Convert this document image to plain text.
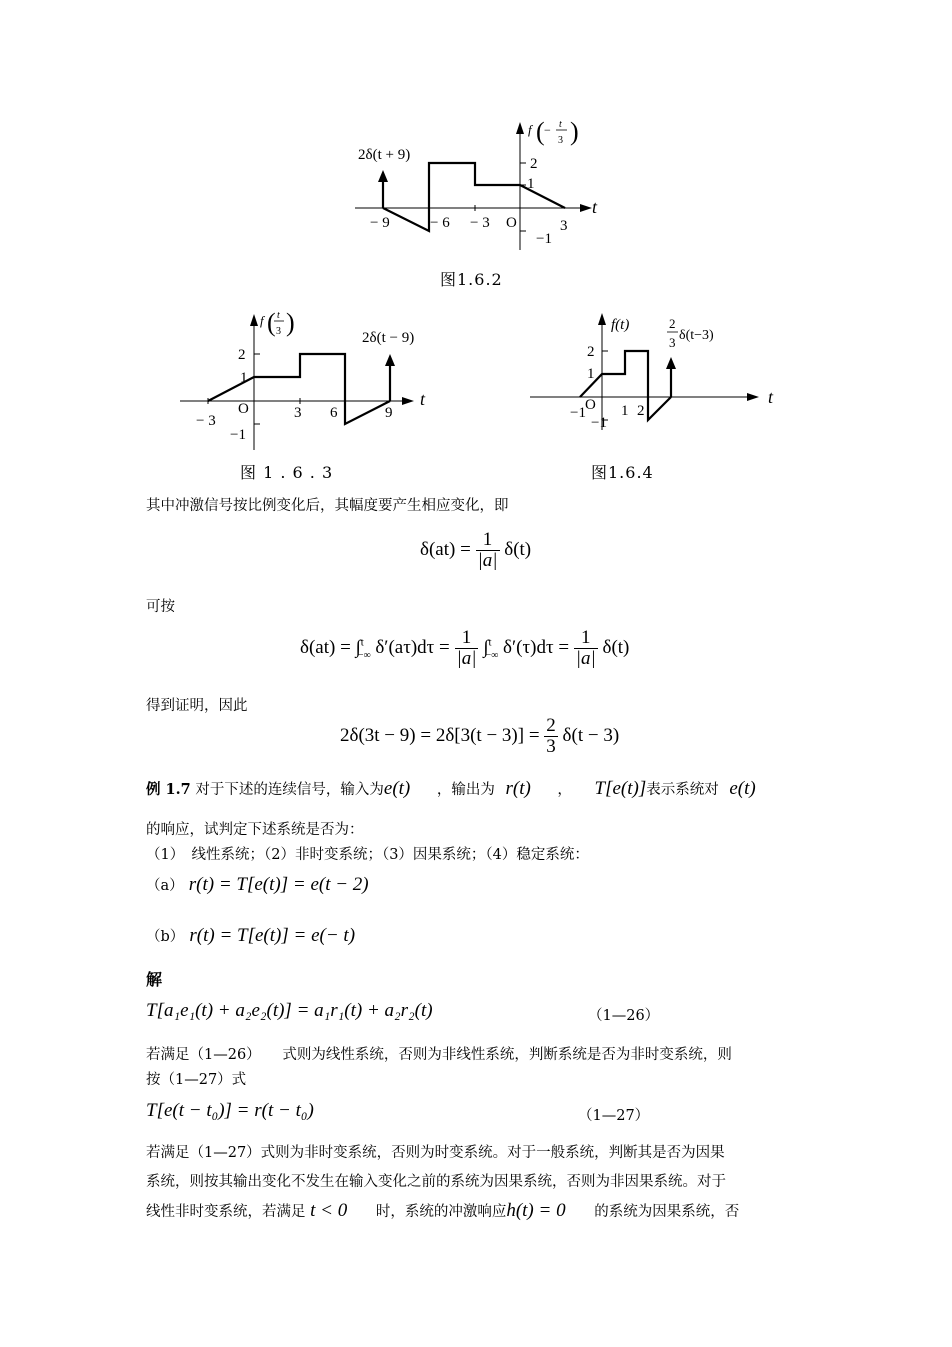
2δ(t + 9)
f ( − t
3 )
2
1
−1
− 9	− 6 − 3 O	3
t
图1.6.2
2δ(t − 9)
f ( t
3 )
2
1
−1
− 3
O	3 6	9
t
图 1 . 6 . 3
f(t)	2
3 δ(t−3)
2
1
−1 O
−1
1 2
t
图1.6.4
其中冲激信号按比例变化后，其幅度要产生相应变化，即
$\delta(at) = \frac{1}{|a|} \delta(t)$
可按
δ(at) = ∫$^t_{-\infty}$ $\delta'(a\tau)d\tau = \frac{1}{|a|} \int^t_{-\infty}$ $\delta'(\tau)d\tau = \frac{1}{|a|} \delta(t)$
得到证明，因此
$2\delta(3t - 9) = 2\delta[3(t - 3)] = \frac{2}{3} \delta(t - 3)$
例 1.7 对于下述的连续信号，输入为e(t) ，输出为 r(t) ， T[e(t)]表示系统对 e(t)
的响应，试判定下述系统是否为：
（1）　线性系统；（2）非时变系统；（3）因果系统；（4）稳定系统：
（a） r(t) = T[e(t)] = e(t − 2)
（b） r(t) = T[e(t)] = e(− t)
解
T[a₁e₁(t) + a₂e₂(t)] = a₁r₁(t) + a₂r₂(t)	（1—26）
若满足（1—26）　　式则为线性系统，否则为非线性系统，判断系统是否为非时变系统，则
按（1—27）式
T[e(t − t₀)] = r(t − t₀)	（1—27）
若满足（1—27）式则为非时变系统，否则为时变系统。对于一般系统，判断其是否为因果
系统，则按其输出变化不发生在输入变化之前的系统为因果系统，否则为非因果系统。对于
线性非时变系统，若满足 t < 0 时，系统的冲激响应h(t) = 0 的系统为因果系统，否
